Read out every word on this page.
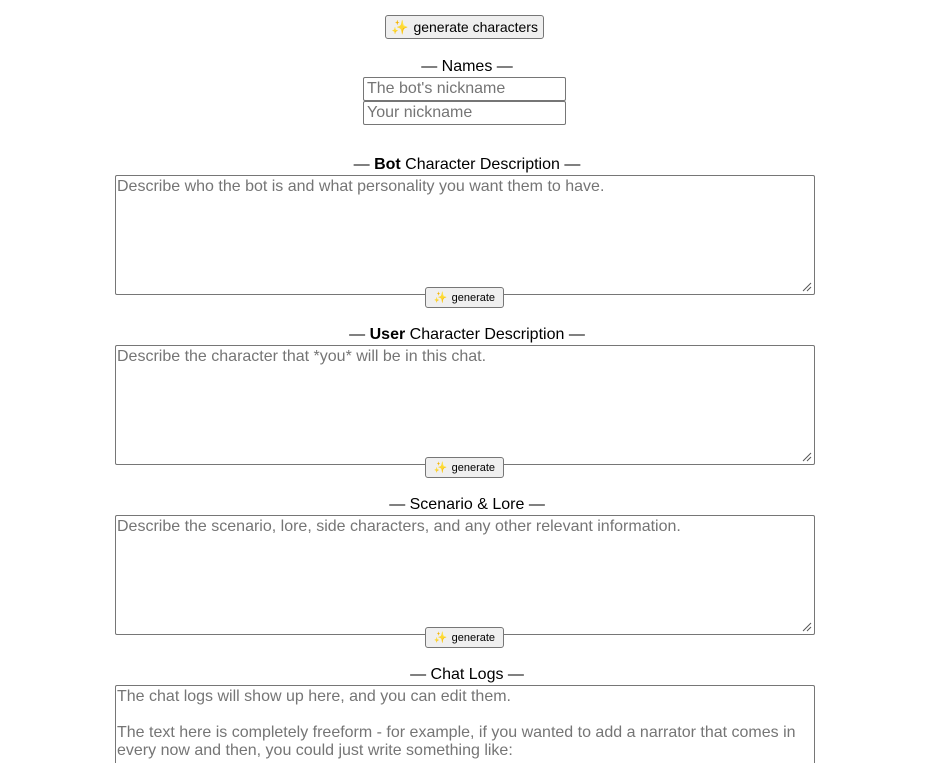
✨ generate characters
— Names —
The bot's nickname
Your nickname
— Bot Character Description —
Describe who the bot is and what personality you want them to have.
✨ generate
— User Character Description —
Describe the character that *you* will be in this chat.
✨ generate
— Scenario & Lore —
Describe the scenario, lore, side characters, and any other relevant information.
✨ generate
— Chat Logs —
The chat logs will show up here, and you can edit them.
The text here is completely freeform - for example, if you wanted to add a narrator that comes in every now and then, you could just write something like:
